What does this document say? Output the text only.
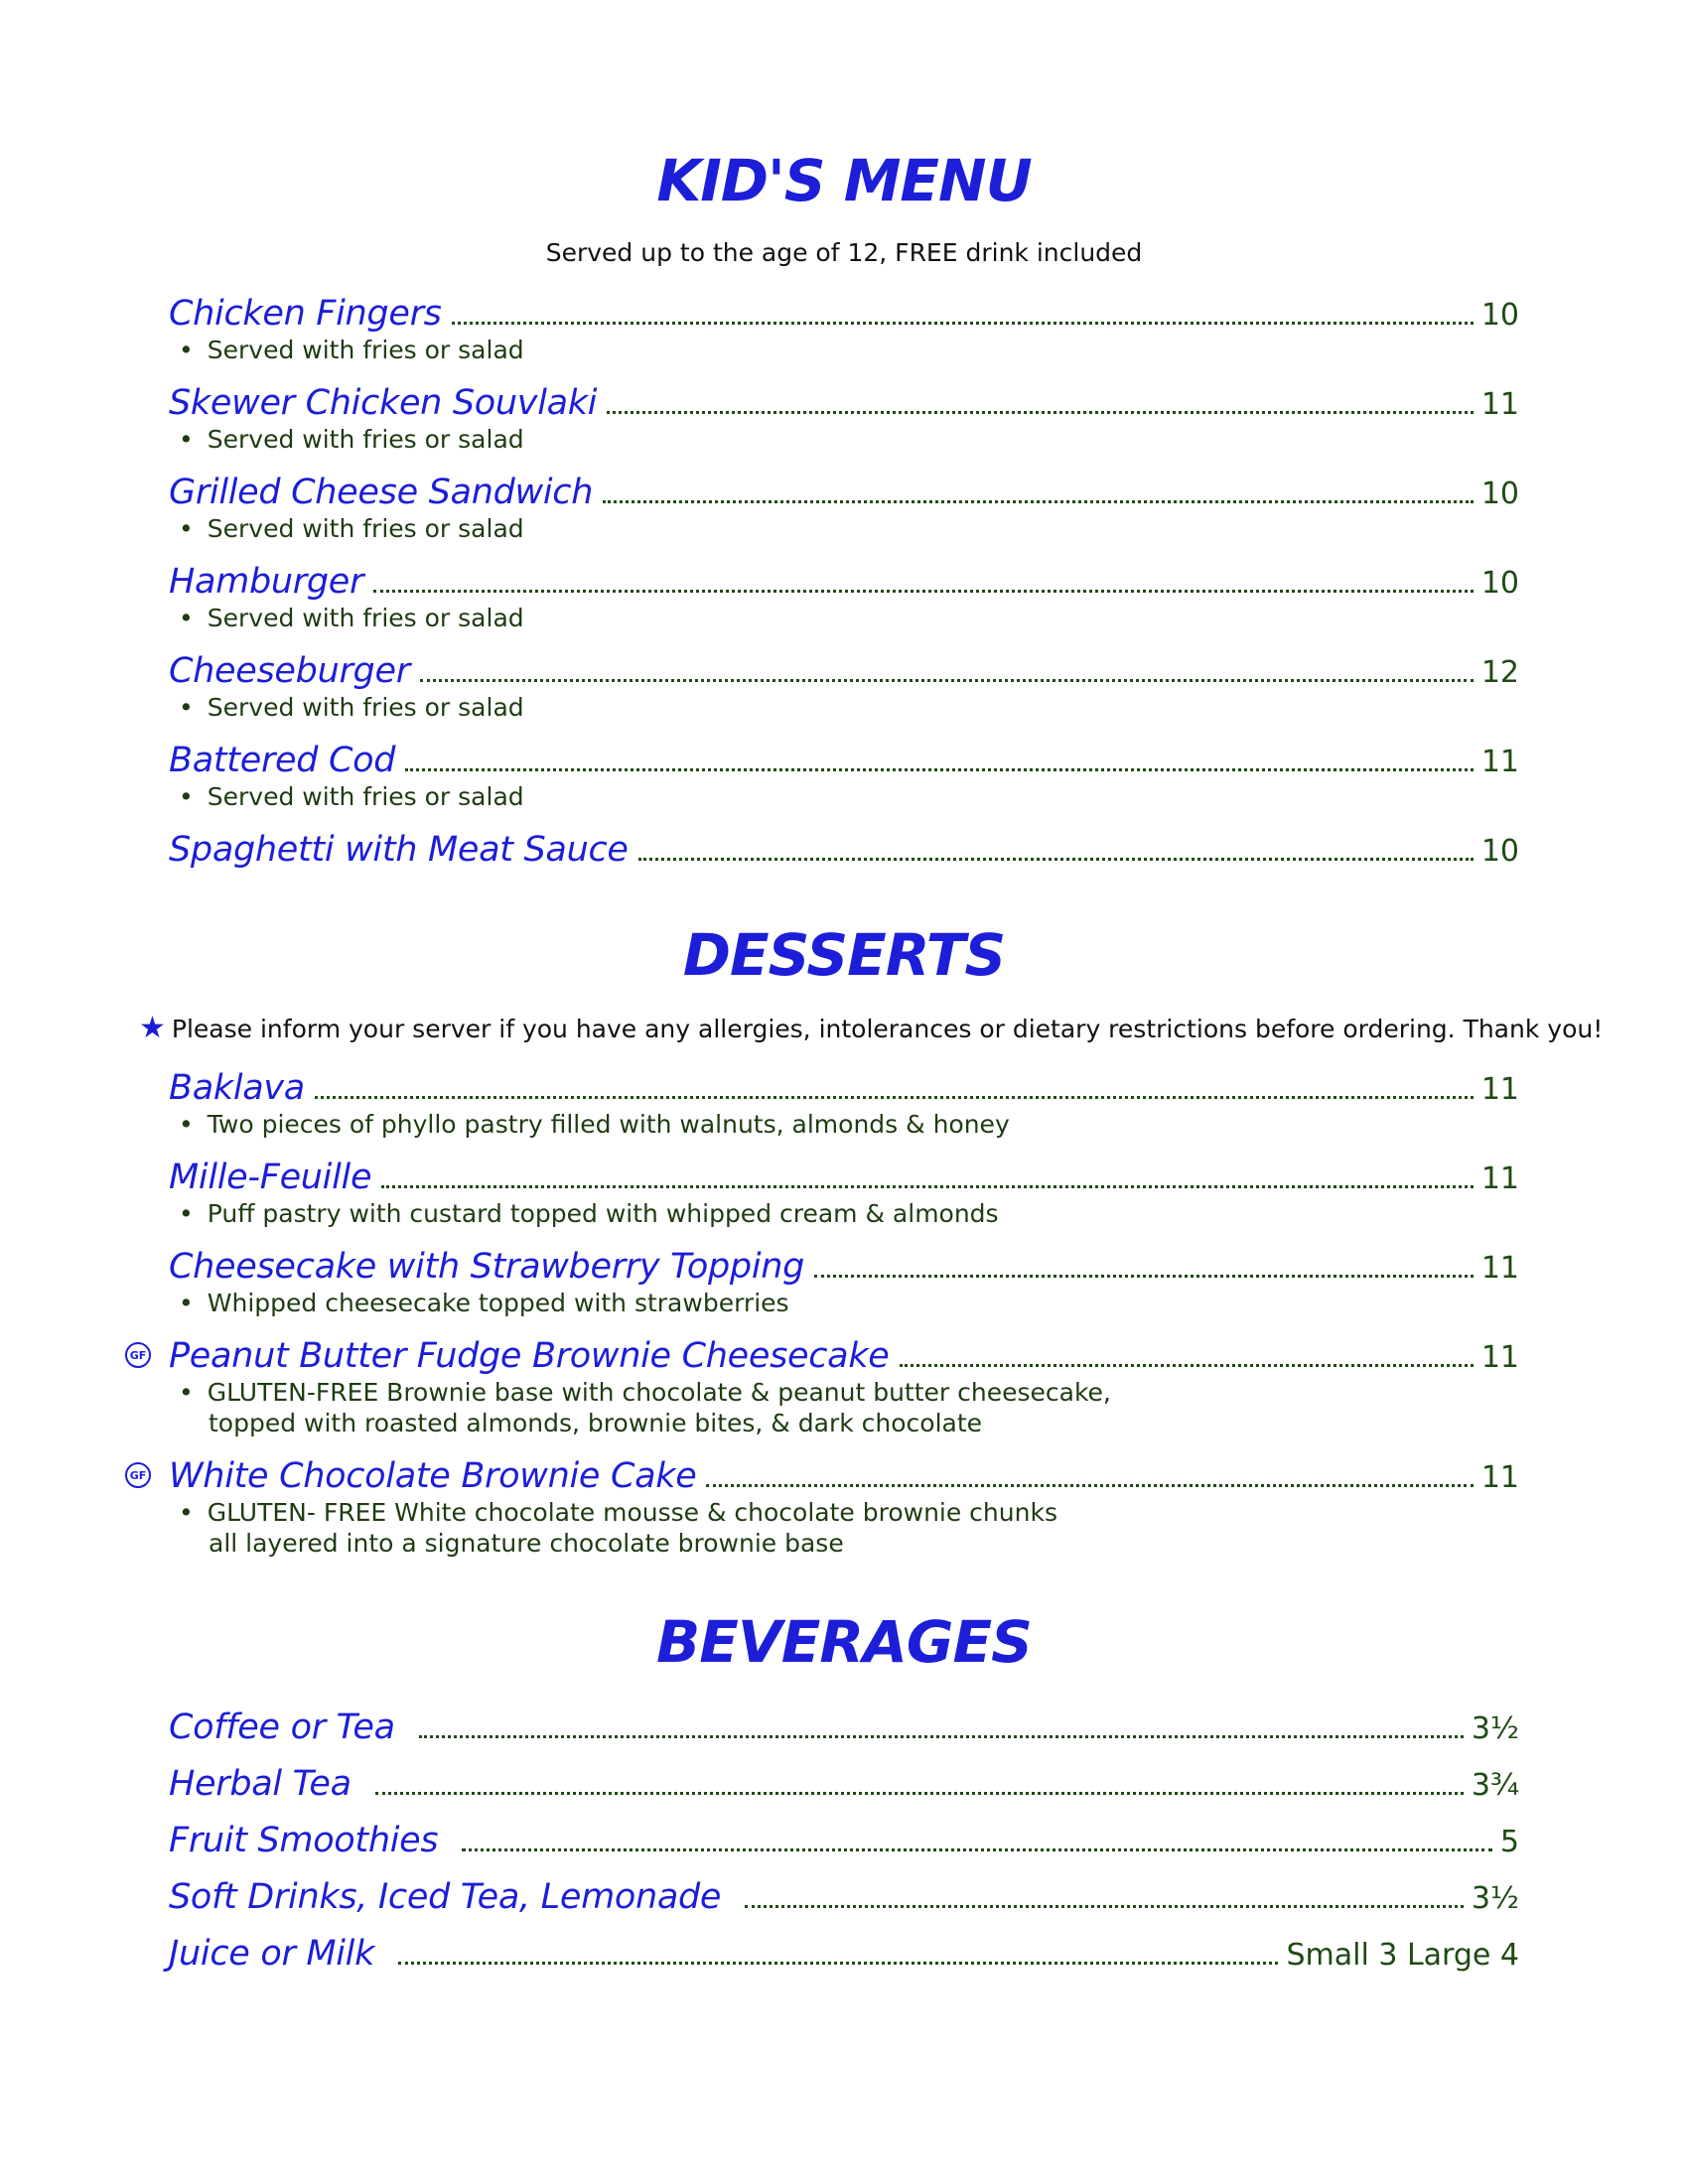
KID'S MENU

Served up to the age of 12, FREE drink included

Chicken Fingers	10
• Served with fries or salad
Skewer Chicken Souvlaki	11
• Served with fries or salad
Grilled Cheese Sandwich	10
• Served with fries or salad
Hamburger	10
• Served with fries or salad
Cheeseburger	12
• Served with fries or salad
Battered Cod	11
• Served with fries or salad
Spaghetti with Meat Sauce	10
DESSERTS
★ Please inform your server if you have any allergies, intolerances or dietary restrictions before ordering. Thank you!
Baklava	11
• Two pieces of phyllo pastry filled with walnuts, almonds & honey
Mille-Feuille	11
• Puff pastry with custard topped with whipped cream & almonds
Cheesecake with Strawberry Topping	11
• Whipped cheesecake topped with strawberries
GF Peanut Butter Fudge Brownie Cheesecake	11
• GLUTEN-FREE Brownie base with chocolate & peanut butter cheesecake,
topped with roasted almonds, brownie bites, & dark chocolate
GF White Chocolate Brownie Cake	11
• GLUTEN- FREE White chocolate mousse & chocolate brownie chunks
all layered into a signature chocolate brownie base
BEVERAGES
Coffee or Tea	3½
Herbal Tea	3¾
Fruit Smoothies	5
Soft Drinks, Iced Tea, Lemonade	3½
Juice or Milk	Small 3 Large 4
